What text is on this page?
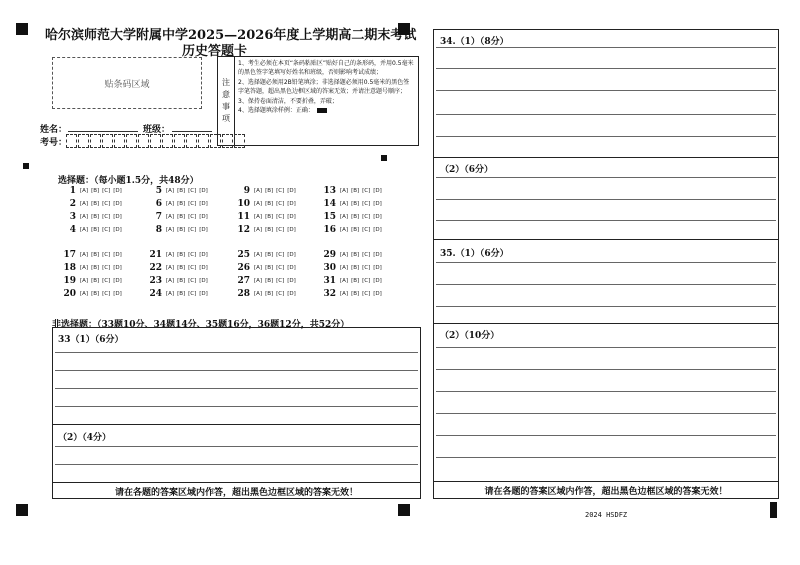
哈尔滨师范大学附属中学2025—2026年度上学期高二期末考试
历史答题卡
贴条码区域	注
意
事
项
1、考生必须在本页“条码粘贴区”贴好自己的条形码，并用0.5毫米的黑色签字笔填写好姓名和班级，否则影响考试成绩；
2、选择题必须用2B铅笔填涂；非选择题必须用0.5毫米的黑色签字笔答题，超出黑色边框区域的答案无效；并请注意题号顺序；
3、保持卷面清洁，不要折叠，弄破；
4、选择题填涂样例：正确：
姓名：	班级：
考号：
选择题：（每小题1.5分，共48分）
1 [A] [B] [C] [D]	5 [A] [B] [C] [D]	9 [A] [B] [C] [D]	13 [A] [B] [C] [D]
2 [A] [B] [C] [D]	6 [A] [B] [C] [D]	10 [A] [B] [C] [D]	14 [A] [B] [C] [D]
3 [A] [B] [C] [D]	7 [A] [B] [C] [D]	11 [A] [B] [C] [D]	15 [A] [B] [C] [D]
4 [A] [B] [C] [D]	8 [A] [B] [C] [D]	12 [A] [B] [C] [D]	16 [A] [B] [C] [D]
17 [A] [B] [C] [D]	21 [A] [B] [C] [D]	25 [A] [B] [C] [D]	29 [A] [B] [C] [D]
18 [A] [B] [C] [D]	22 [A] [B] [C] [D]	26 [A] [B] [C] [D]	30 [A] [B] [C] [D]
19 [A] [B] [C] [D]	23 [A] [B] [C] [D]	27 [A] [B] [C] [D]	31 [A] [B] [C] [D]
20 [A] [B] [C] [D]	24 [A] [B] [C] [D]	28 [A] [B] [C] [D]	32 [A] [B] [C] [D]
非选择题：（33题10分、34题14分、35题16分，36题12分，共52分）
33（1）（6分）
（2）（4分）
请在各题的答案区域内作答，超出黑色边框区域的答案无效！
34.（1）（8分）
（2）（6分）
35.（1）（6分）
（2）（10分）
请在各题的答案区域内作答，超出黑色边框区域的答案无效！
2024 HSDFZ
